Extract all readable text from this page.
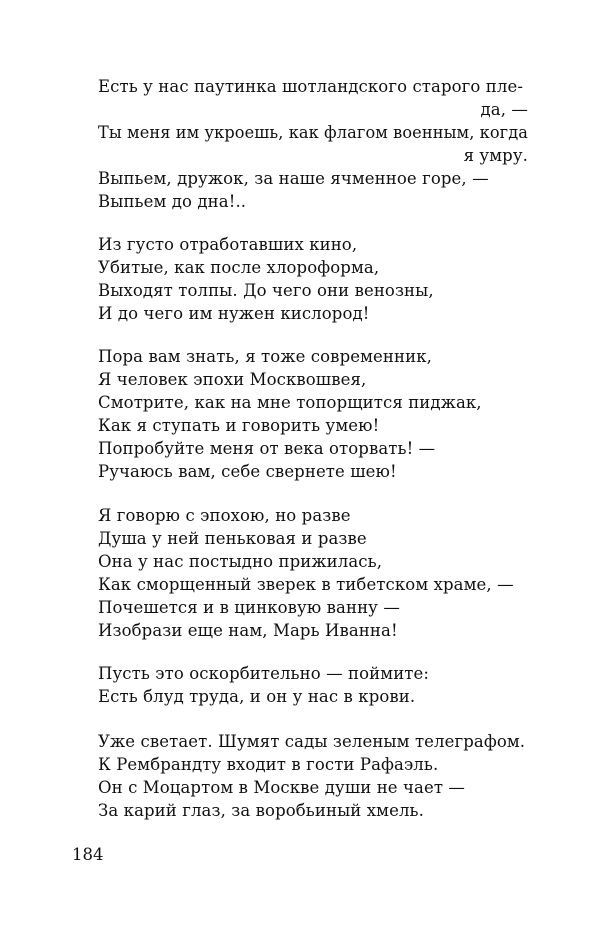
Есть у нас паутинка шотландского старого пле-
да, —
Ты меня им укроешь, как флагом военным, когда
я умру.
Выпьем, дружок, за наше ячменное горе, —
Выпьем до дна!..
Из густо отработавших кино,
Убитые, как после хлороформа,
Выходят толпы. До чего они венозны,
И до чего им нужен кислород!
Пора вам знать, я тоже современник,
Я человек эпохи Москвошвея,
Смотрите, как на мне топорщится пиджак,
Как я ступать и говорить умею!
Попробуйте меня от века оторвать! —
Ручаюсь вам, себе свернете шею!
Я говорю с эпохою, но разве
Душа у ней пеньковая и разве
Она у нас постыдно прижилась,
Как сморщенный зверек в тибетском храме, —
Почешется и в цинковую ванну —
Изобрази еще нам, Марь Иванна!
Пусть это оскорбительно — поймите:
Есть блуд труда, и он у нас в крови.
Уже светает. Шумят сады зеленым телеграфом.
К Рембрандту входит в гости Рафаэль.
Он с Моцартом в Москве души не чает —
За карий глаз, за воробьиный хмель.
184
